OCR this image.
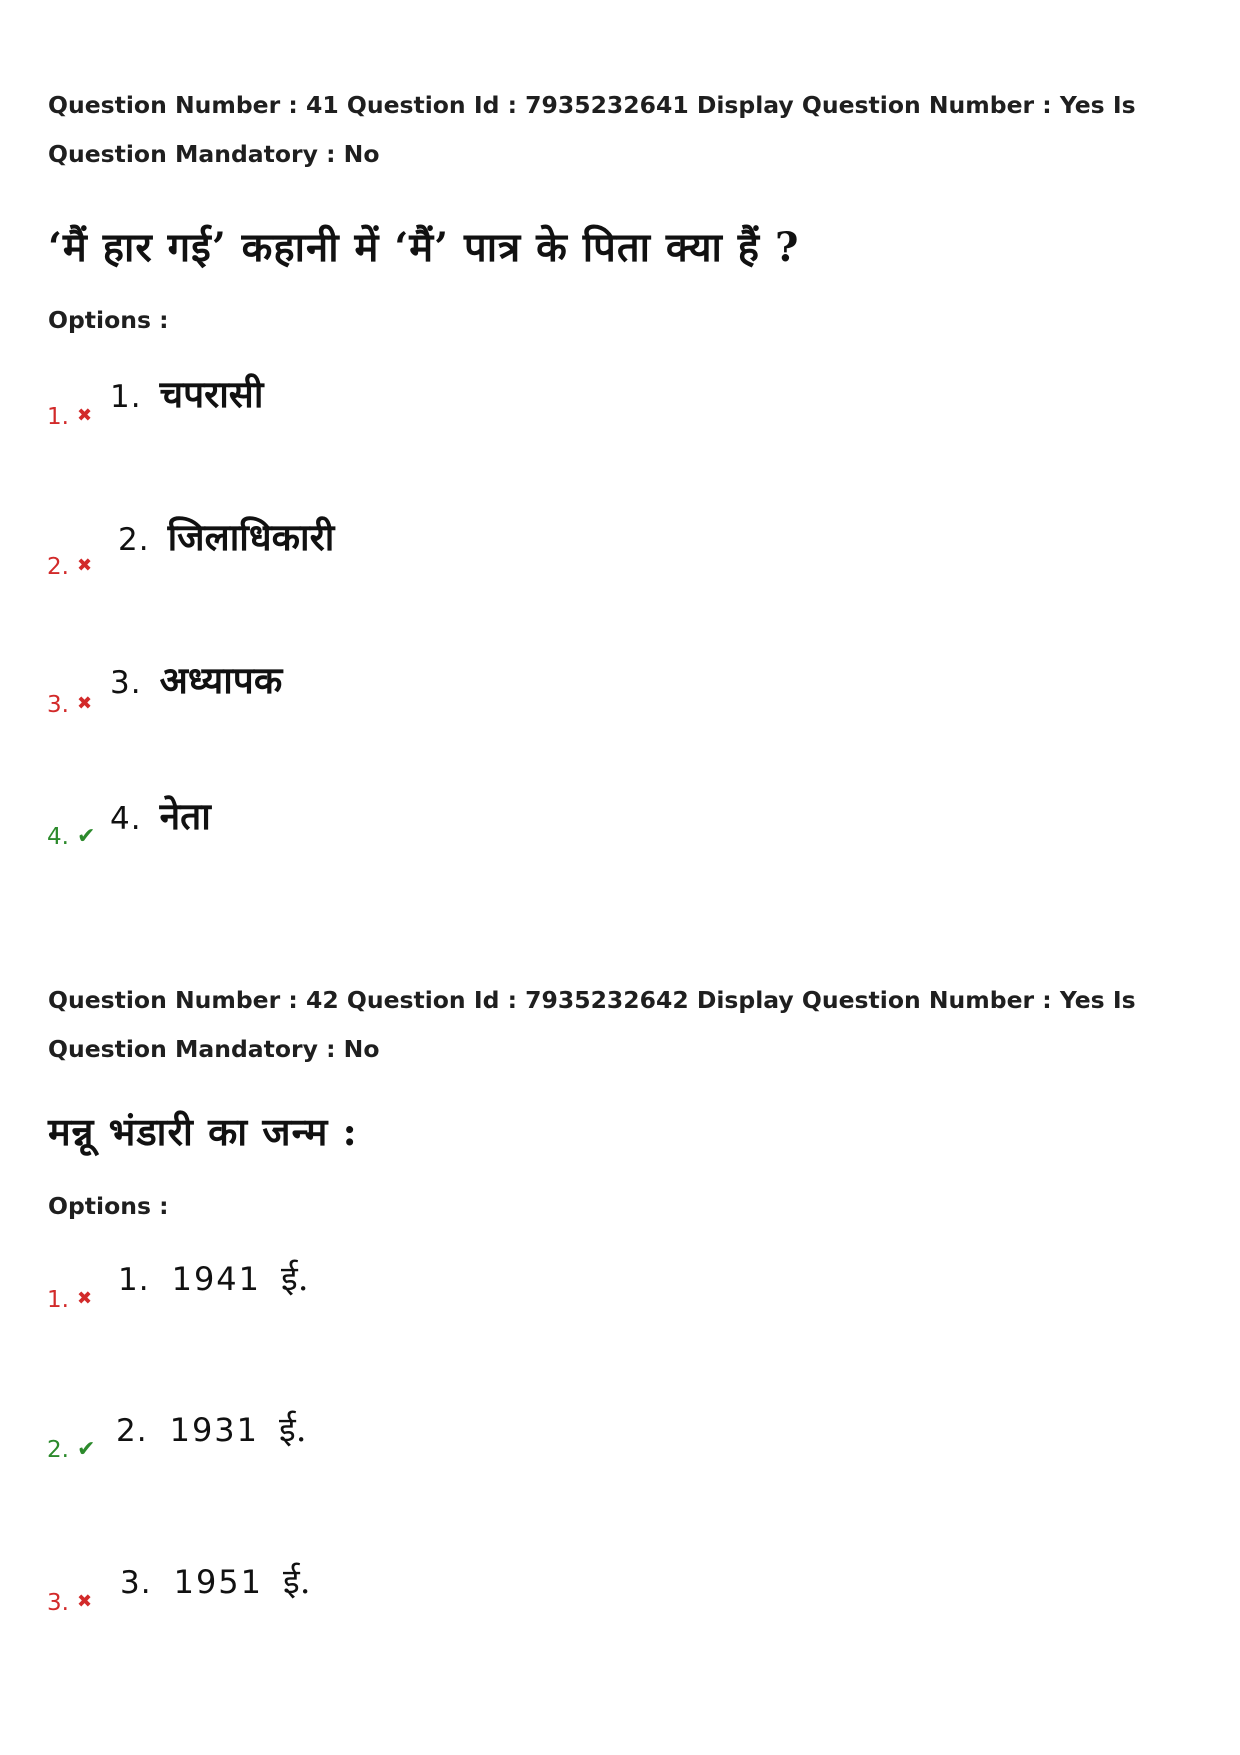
Question Number : 41 Question Id : 7935232641 Display Question Number : Yes Is Question Mandatory : No

‘मैं हार गई’ कहानी में ‘मैं’ पात्र के पिता क्या हैं ?

Options :

1. चपरासी
1. ✖
2. जिलाधिकारी
2. ✖
3. अध्यापक
3. ✖
4. नेता
4. ✔

Question Number : 42 Question Id : 7935232642 Display Question Number : Yes Is Question Mandatory : No

मन्नू भंडारी का जन्म :

Options :

1. 1941 ई.
1. ✖
2. 1931 ई.
2. ✔
3. 1951 ई.
3. ✖
